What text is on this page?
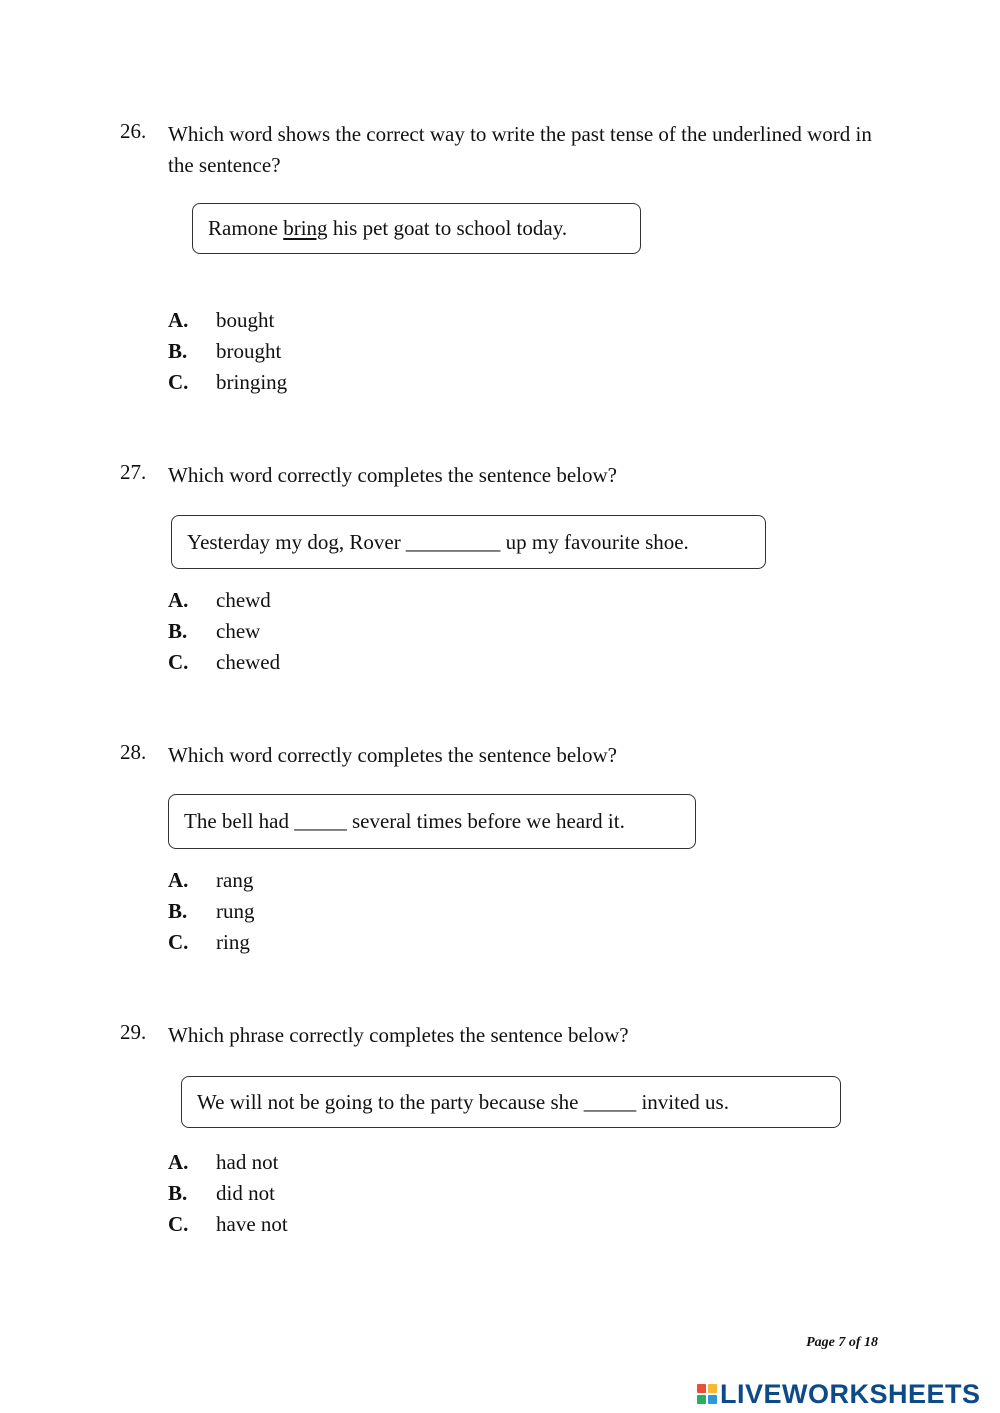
26. Which word shows the correct way to write the past tense of the underlined word in the sentence?
Ramone bring his pet goat to school today.
A. bought
B. brought
C. bringing
27. Which word correctly completes the sentence below?
Yesterday my dog, Rover _________ up my favourite shoe.
A. chewd
B. chew
C. chewed
28. Which word correctly completes the sentence below?
The bell had _____ several times before we heard it.
A. rang
B. rung
C. ring
29. Which phrase correctly completes the sentence below?
We will not be going to the party because she _____ invited us.
A. had not
B. did not
C. have not
Page 7 of 18
LIVEWORKSHEETS
